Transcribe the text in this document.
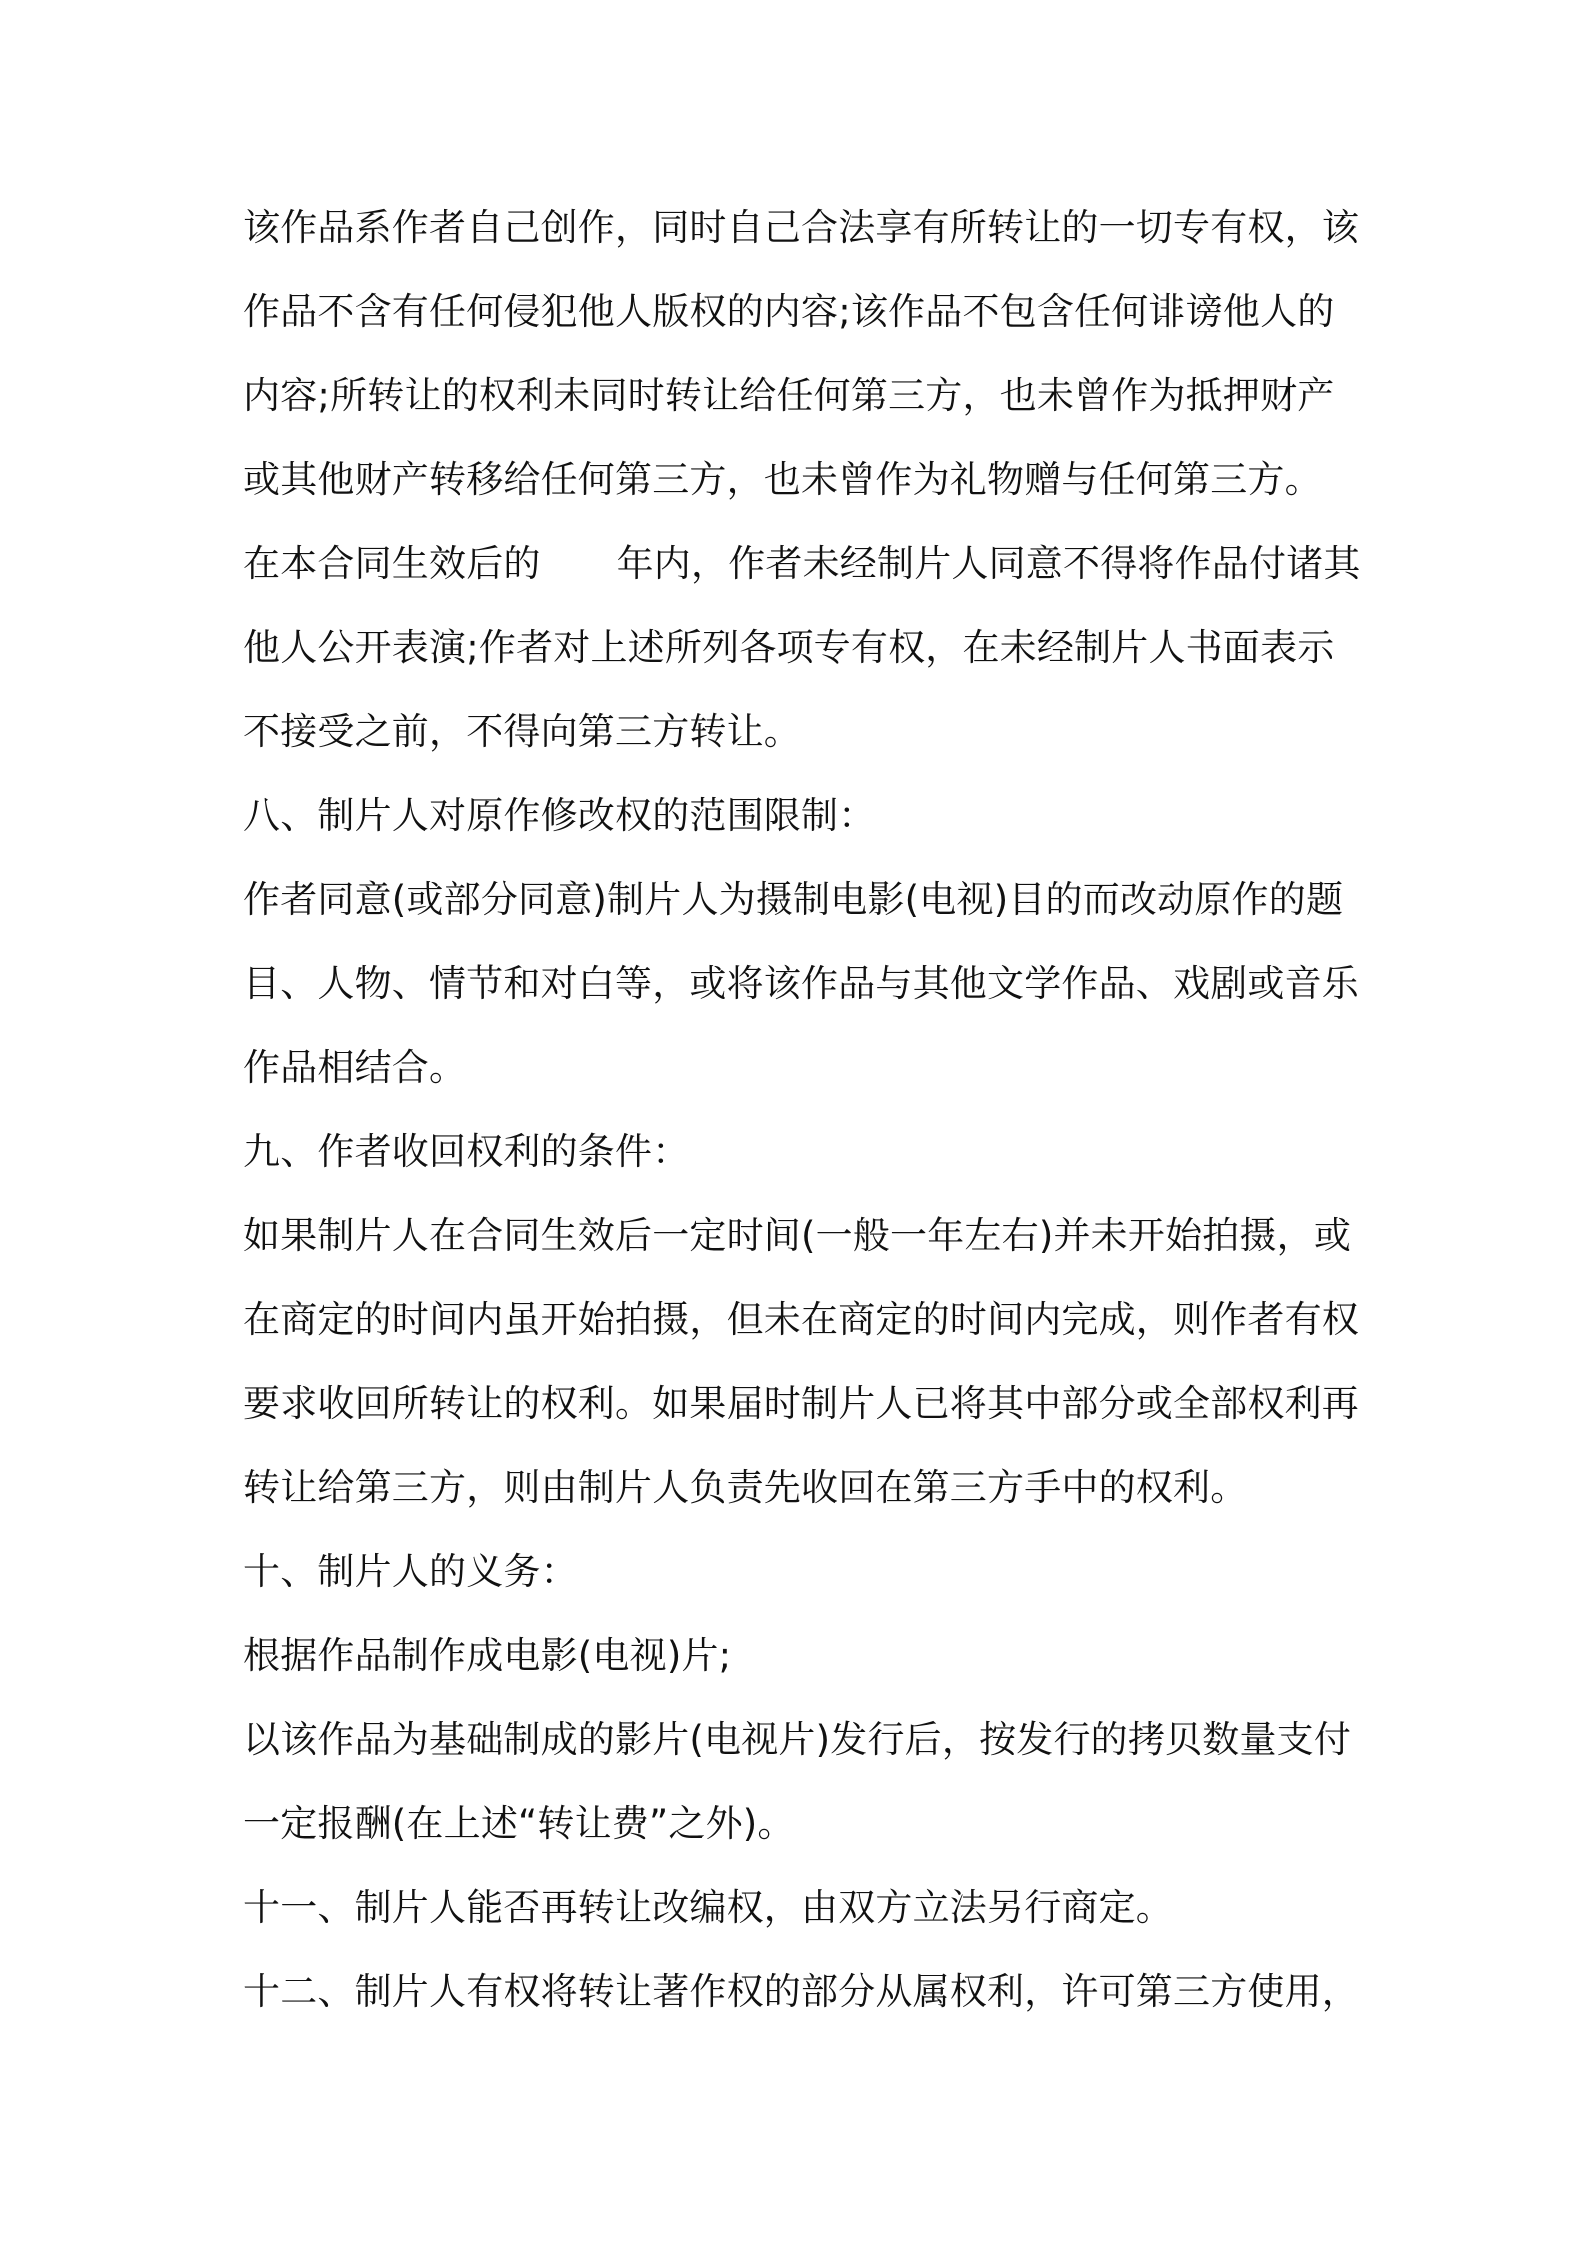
该作品系作者自己创作，同时自己合法享有所转让的一切专有权，该
作品不含有任何侵犯他人版权的内容;该作品不包含任何诽谤他人的
内容;所转让的权利未同时转让给任何第三方，也未曾作为抵押财产
或其他财产转移给任何第三方，也未曾作为礼物赠与任何第三方。
在本合同生效后的 年内，作者未经制片人同意不得将作品付诸其
他人公开表演;作者对上述所列各项专有权，在未经制片人书面表示
不接受之前，不得向第三方转让。
八、制片人对原作修改权的范围限制：
作者同意(或部分同意)制片人为摄制电影(电视)目的而改动原作的题
目、人物、情节和对白等，或将该作品与其他文学作品、戏剧或音乐
作品相结合。
九、作者收回权利的条件：
如果制片人在合同生效后一定时间(一般一年左右)并未开始拍摄，或
在商定的时间内虽开始拍摄，但未在商定的时间内完成，则作者有权
要求收回所转让的权利。如果届时制片人已将其中部分或全部权利再
转让给第三方，则由制片人负责先收回在第三方手中的权利。
十、制片人的义务：
根据作品制作成电影(电视)片;
以该作品为基础制成的影片(电视片)发行后，按发行的拷贝数量支付
一定报酬(在上述“转让费”之外)。
十一、制片人能否再转让改编权，由双方立法另行商定。
十二、制片人有权将转让著作权的部分从属权利，许可第三方使用，
